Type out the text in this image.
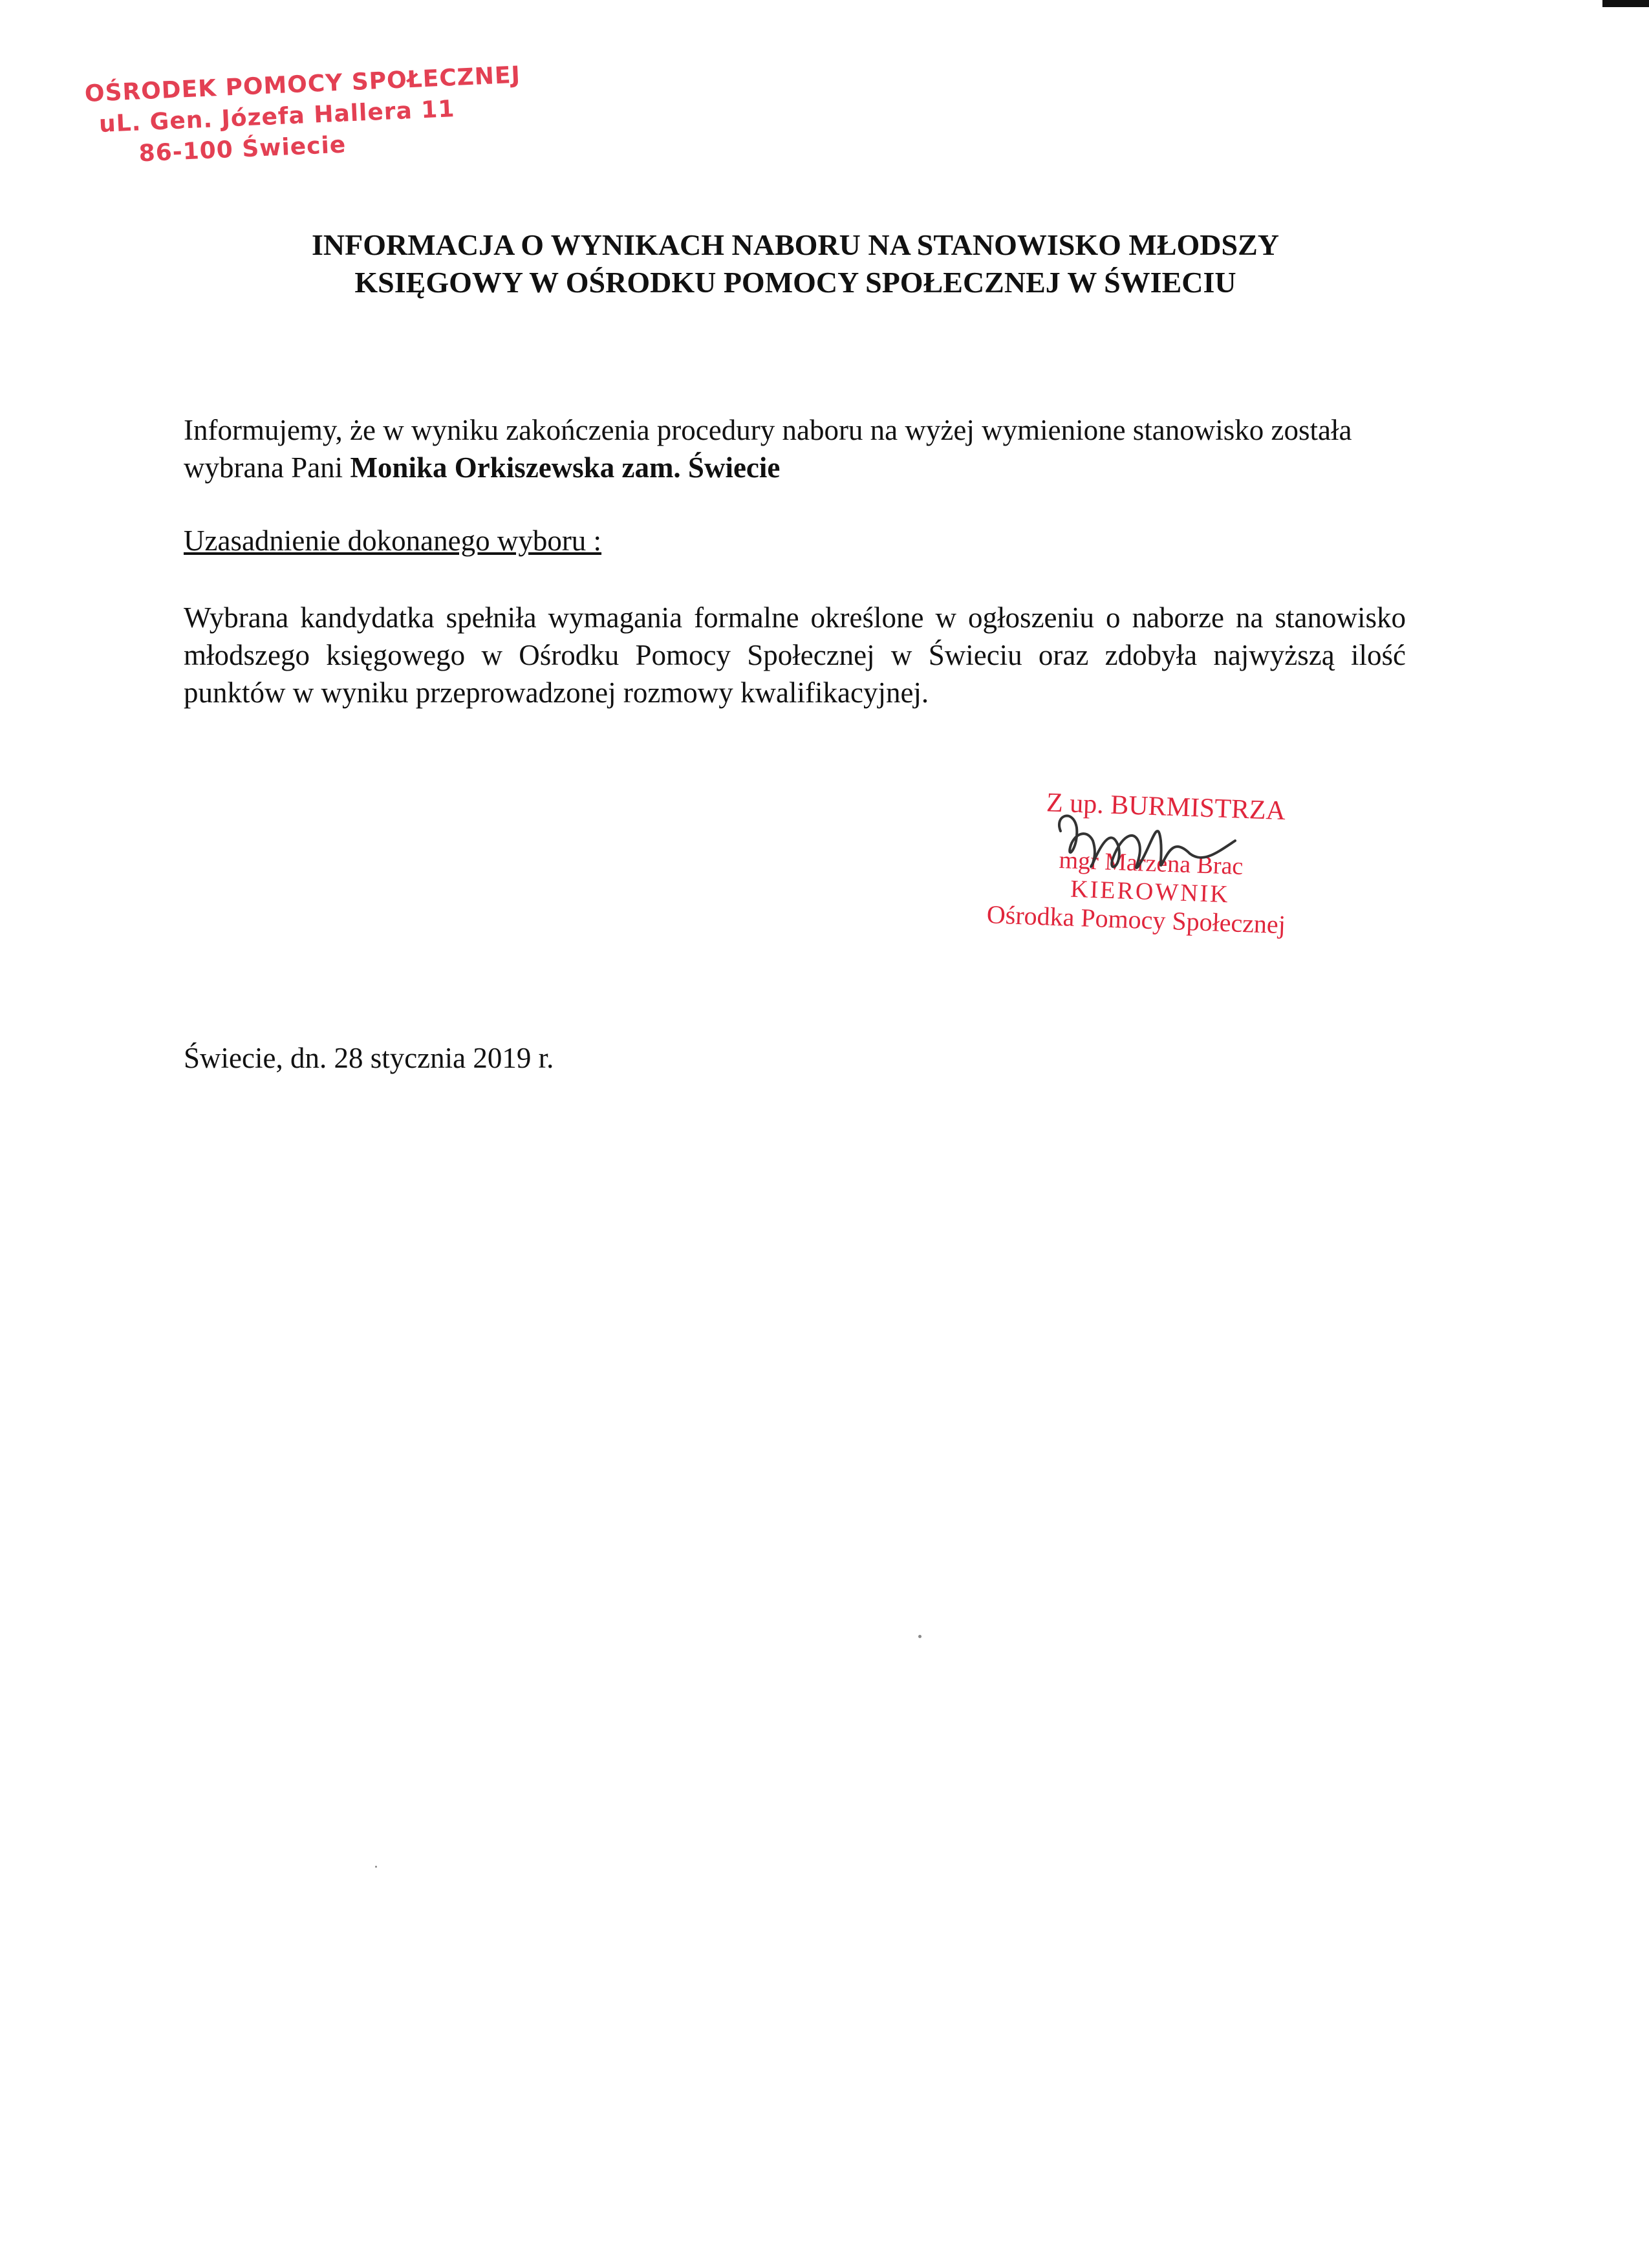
OŚRODEK POMOCY SPOŁECZNEJ
uL. Gen. Józefa Hallera 11
86-100 Świecie
INFORMACJA O WYNIKACH NABORU NA STANOWISKO MŁODSZY
KSIĘGOWY W OŚRODKU POMOCY SPOŁECZNEJ W ŚWIECIU
Informujemy, że w wyniku zakończenia procedury naboru na wyżej wymienione stanowisko została wybrana Pani Monika Orkiszewska zam. Świecie
Uzasadnienie dokonanego wyboru :
Wybrana kandydatka spełniła wymagania formalne określone w ogłoszeniu o naborze na stanowisko młodszego księgowego w Ośrodku Pomocy Społecznej w Świeciu oraz zdobyła najwyższą ilość punktów w wyniku przeprowadzonej rozmowy kwalifikacyjnej.
Z up. BURMISTRZA
mgr Marzena Brac
KIEROWNIK
Ośrodka Pomocy Społecznej
Świecie, dn. 28 stycznia 2019 r.
